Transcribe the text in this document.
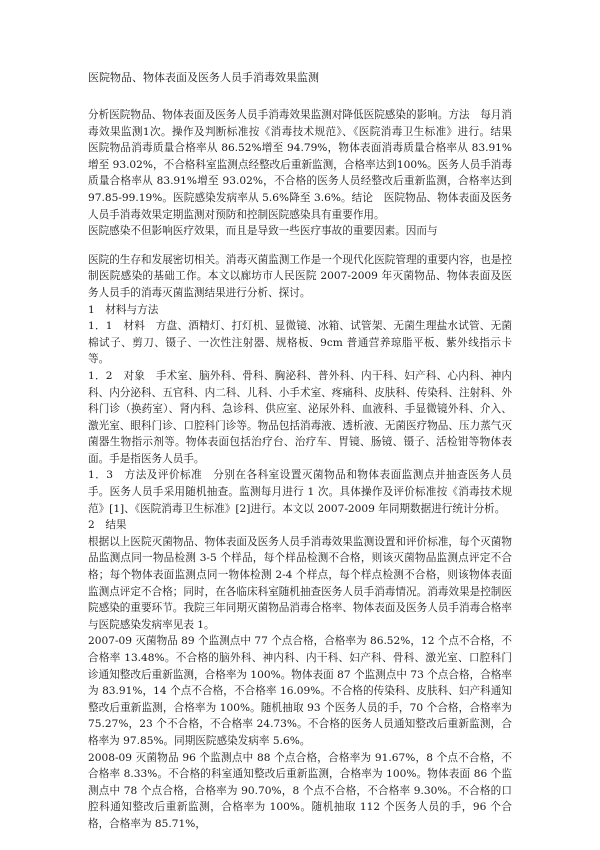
医院物品、物体表面及医务人员手消毒效果监测

分析医院物品、物体表面及医务人员手消毒效果监测对降低医院感染的影响。方法　每月消毒效果监测1次。操作及判断标准按《消毒技术规范》、《医院消毒卫生标准》进行。结果　医院物品消毒质量合格率从 86.52%增至 94.79%，物体表面消毒质量合格率从 83.91%增至 93.02%，不合格科室监测点经整改后重新监测，合格率达到100%。医务人员手消毒质量合格率从 83.91%增至 93.02%，不合格的医务人员经整改后重新监测，合格率达到97.85-99.19%。医院感染发病率从 5.6%降至 3.6%。结论　医院物品、物体表面及医务人员手消毒效果定期监测对预防和控制医院感染具有重要作用。

医院感染不但影响医疗效果，而且是导致一些医疗事故的重要因素。因而与

医院的生存和发展密切相关。消毒灭菌监测工作是一个现代化医院管理的重要内容，也是控制医院感染的基础工作。本文以廊坊市人民医院 2007-2009 年灭菌物品、物体表面及医务人员手的消毒灭菌监测结果进行分析、探讨。

1　材料与方法

1．1　材料　方盘、酒精灯、打灯机、显微镜、冰箱、试管架、无菌生理盐水试管、无菌棉试子、剪刀、镊子、一次性注射器、规格板、9cm 普通营养琼脂平板、紫外线指示卡等。

1．2　对象　手术室、脑外科、骨科、胸泌科、普外科、内干科、妇产科、心内科、神内科、内分泌科、五官科、内二科、儿科、小手术室、疼痛科、皮肤科、传染科、注射科、外科门诊（换药室）、肾内科、急诊科、供应室、泌尿外科、血液科、手显微镜外科、介入、激光室、眼科门诊、口腔科门诊等。物品包括消毒液、透析液、无菌医疗物品、压力蒸气灭菌器生物指示剂等。物体表面包括治疗台、治疗车、胃镜、肠镜、镊子、活检钳等物体表面。手是指医务人员手。

1．3　方法及评价标准　分别在各科室设置灭菌物品和物体表面监测点并抽查医务人员手。医务人员手采用随机抽查。监测每月进行 1 次。具体操作及评价标准按《消毒技术规范》[1]、《医院消毒卫生标准》[2]进行。本文以 2007-2009 年同期数据进行统计分析。

2　结果

根据以上医院灭菌物品、物体表面及医务人员手消毒效果监测设置和评价标准，每个灭菌物品监测点同一物品检测 3-5 个样品，每个样品检测不合格，则该灭菌物品监测点评定不合格；每个物体表面监测点同一物体检测 2-4 个样点，每个样点检测不合格，则该物体表面监测点评定不合格；同时，在各临床科室随机抽查医务人员手消毒情况。消毒效果是控制医院感染的重要环节。我院三年同期灭菌物品消毒合格率、物体表面及医务人员手消毒合格率与医院感染发病率见表 1。

2007-09 灭菌物品 89 个监测点中 77 个点合格，合格率为 86.52%，12 个点不合格，不合格率 13.48%。不合格的脑外科、神内科、内干科、妇产科、骨科、激光室、口腔科门诊通知整改后重新监测，合格率为 100%。物体表面 87 个监测点中 73 个点合格，合格率为 83.91%，14 个点不合格，不合格率 16.09%。不合格的传染科、皮肤科、妇产科通知整改后重新监测，合格率为 100%。随机抽取 93 个医务人员的手，70 个合格，合格率为 75.27%，23 个不合格，不合格率 24.73%。不合格的医务人员通知整改后重新监测，合格率为 97.85%。同期医院感染发病率 5.6%。

2008-09 灭菌物品 96 个监测点中 88 个点合格，合格率为 91.67%，8 个点不合格，不合格率 8.33%。不合格的科室通知整改后重新监测，合格率为 100%。物体表面 86 个监测点中 78 个点合格，合格率为 90.70%，8 个点不合格，不合格率 9.30%。不合格的口腔科通知整改后重新监测，合格率为 100%。随机抽取 112 个医务人员的手，96 个合格，合格率为 85.71%，
